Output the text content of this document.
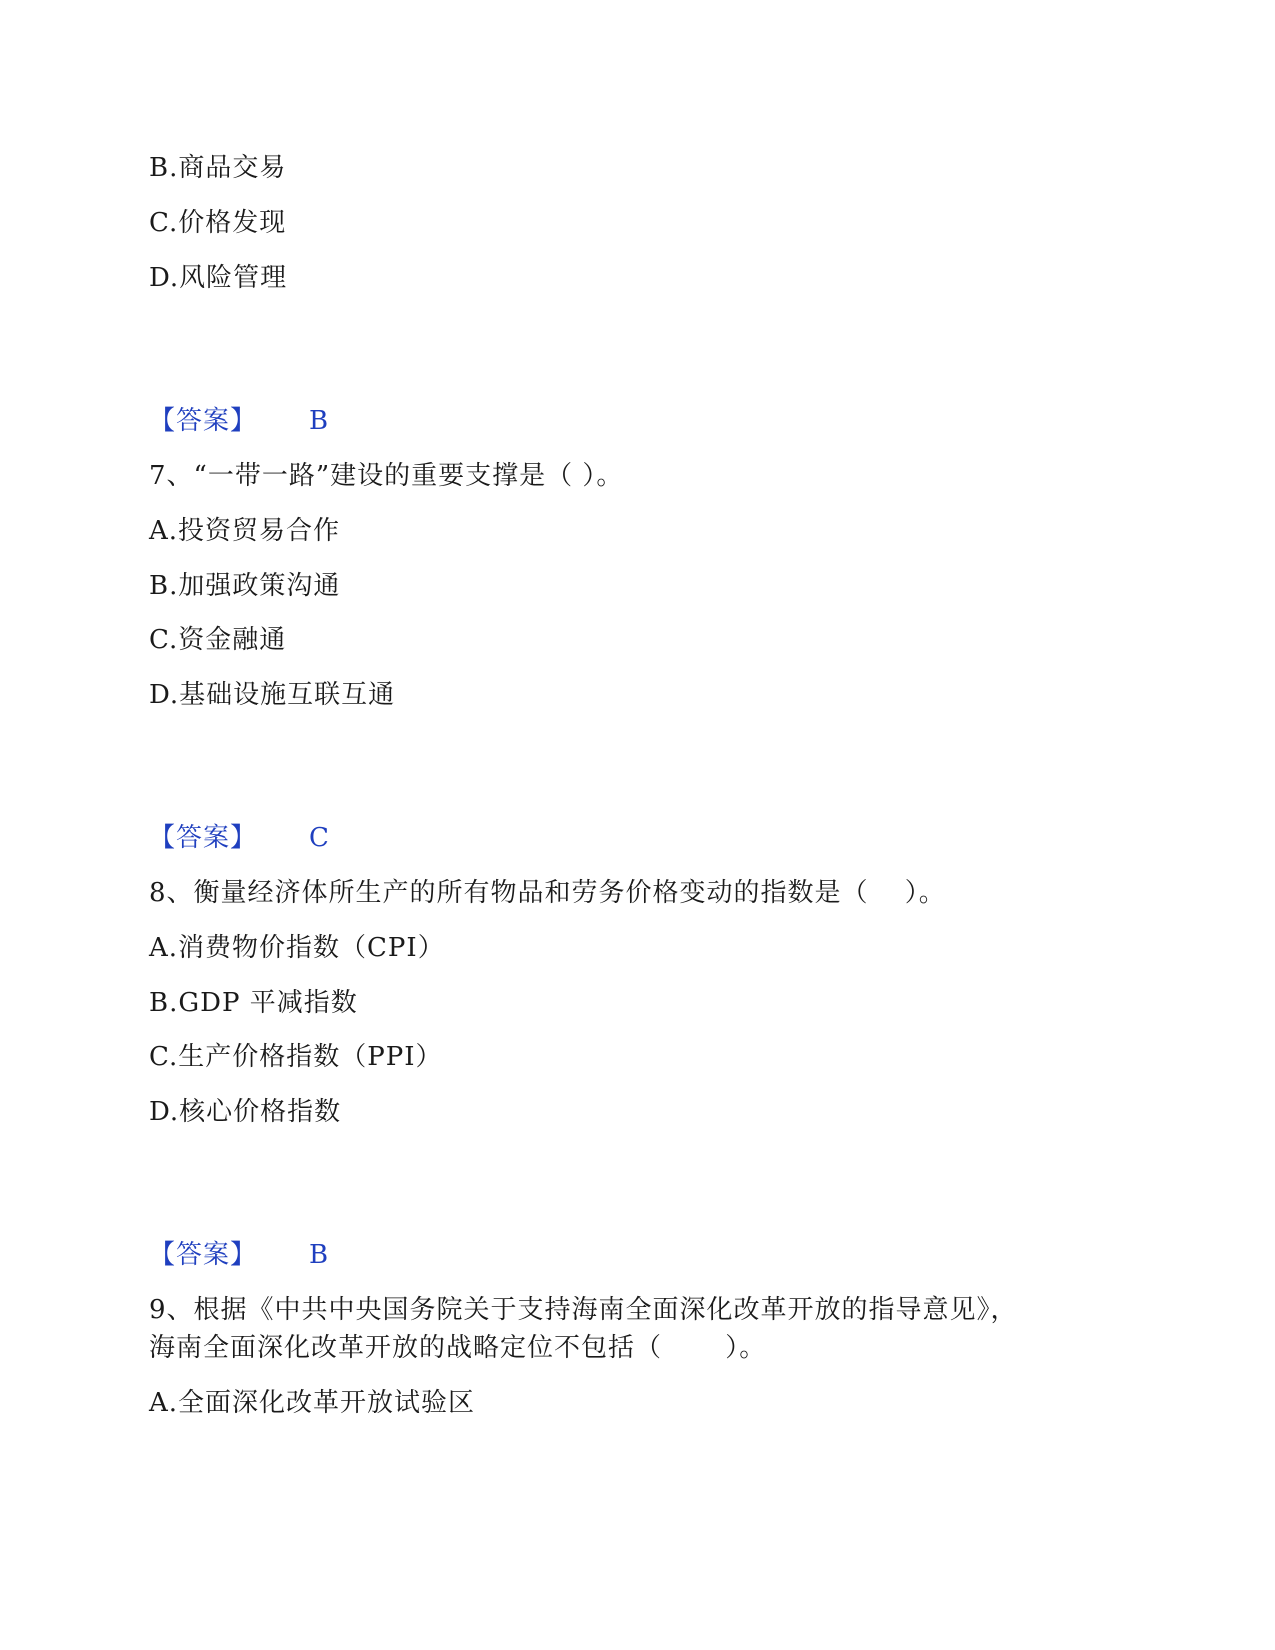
B.商品交易
C.价格发现
D.风险管理
【答案】 B
7、“一带一路”建设的重要支撑是（ ）。
A.投资贸易合作
B.加强政策沟通
C.资金融通
D.基础设施互联互通
【答案】 C
8、衡量经济体所生产的所有物品和劳务价格变动的指数是（　 ）。
A.消费物价指数（CPI）
B.GDP 平减指数
C.生产价格指数（PPI）
D.核心价格指数
【答案】 B
9、根据《中共中央国务院关于支持海南全面深化改革开放的指导意见》，
海南全面深化改革开放的战略定位不包括（　　 ）。
A.全面深化改革开放试验区
